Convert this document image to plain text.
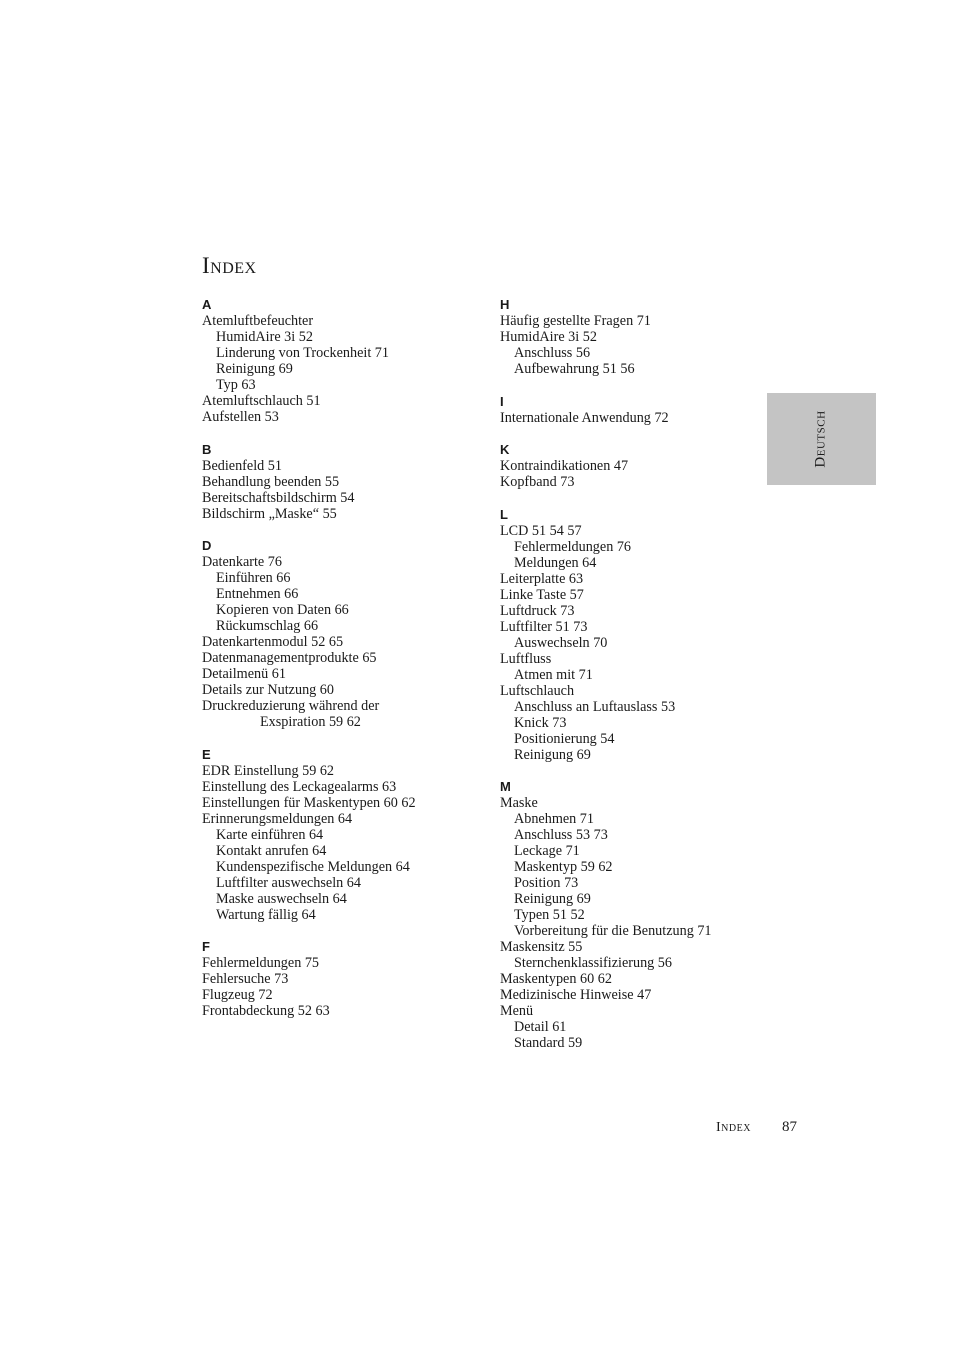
Index
A
Atemluftbefeuchter
HumidAire 3i 52
Linderung von Trockenheit 71
Reinigung 69
Typ 63
Atemluftschlauch 51
Aufstellen 53
B
Bedienfeld 51
Behandlung beenden 55
Bereitschaftsbildschirm 54
Bildschirm „Maske“ 55
D
Datenkarte 76
Einführen 66
Entnehmen 66
Kopieren von Daten 66
Rückumschlag 66
Datenkartenmodul 52 65
Datenmanagementprodukte 65
Detailmenü 61
Details zur Nutzung 60
Druckreduzierung während der
Exspiration 59 62
E
EDR Einstellung 59 62
Einstellung des Leckagealarms 63
Einstellungen für Maskentypen 60 62
Erinnerungsmeldungen 64
Karte einführen 64
Kontakt anrufen 64
Kundenspezifische Meldungen 64
Luftfilter auswechseln 64
Maske auswechseln 64
Wartung fällig 64
F
Fehlermeldungen 75
Fehlersuche 73
Flugzeug 72
Frontabdeckung 52 63
H
Häufig gestellte Fragen 71
HumidAire 3i 52
Anschluss 56
Aufbewahrung 51 56
I
Internationale Anwendung 72
K
Kontraindikationen 47
Kopfband 73
L
LCD 51 54 57
Fehlermeldungen 76
Meldungen 64
Leiterplatte 63
Linke Taste 57
Luftdruck 73
Luftfilter 51 73
Auswechseln 70
Luftfluss
Atmen mit 71
Luftschlauch
Anschluss an Luftauslass 53
Knick 73
Positionierung 54
Reinigung 69
M
Maske
Abnehmen 71
Anschluss 53 73
Leckage 71
Maskentyp 59 62
Position 73
Reinigung 69
Typen 51 52
Vorbereitung für die Benutzung 71
Maskensitz 55
Sternchenklassifizierung 56
Maskentypen 60 62
Medizinische Hinweise 47
Menü
Detail 61
Standard 59
Deutsch
Index 87
